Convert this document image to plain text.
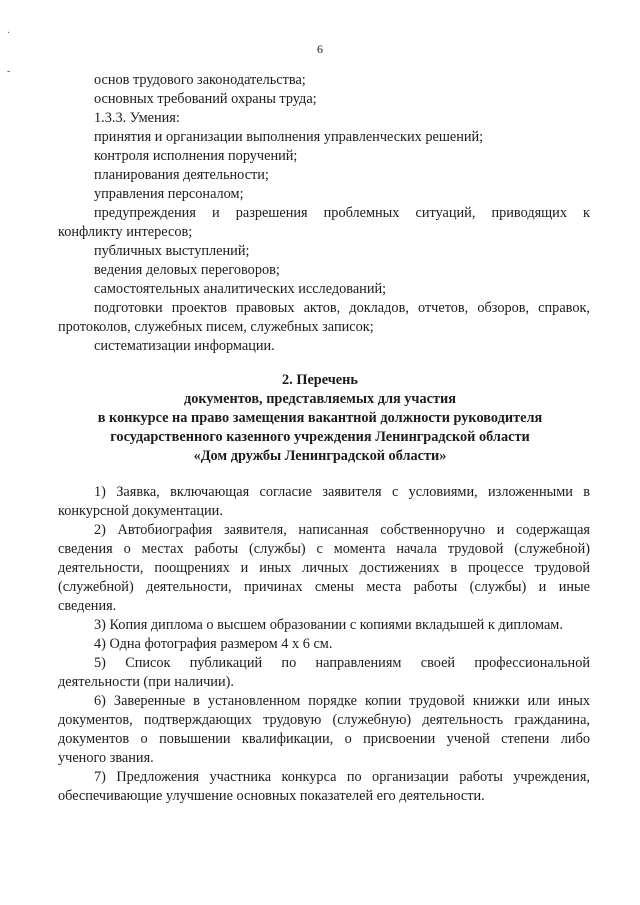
6
·
-
основ трудового законодательства;
основных требований охраны труда;
1.3.3. Умения:
принятия и организации выполнения управленческих решений;
контроля исполнения поручений;
планирования деятельности;
управления персоналом;
предупреждения и разрешения проблемных ситуаций, приводящих к
конфликту интересов;
публичных выступлений;
ведения деловых переговоров;
самостоятельных аналитических исследований;
подготовки проектов правовых актов, докладов, отчетов, обзоров, справок,
протоколов, служебных писем, служебных записок;
систематизации информации.
2. Перечень
документов, представляемых для участия
в конкурсе на право замещения вакантной должности руководителя
государственного казенного учреждения Ленинградской области
«Дом дружбы Ленинградской области»
1) Заявка, включающая согласие заявителя с условиями, изложенными в
конкурсной документации.
2) Автобиография заявителя, написанная собственноручно и содержащая
сведения о местах работы (службы) с момента начала трудовой (служебной)
деятельности, поощрениях и иных личных достижениях в процессе трудовой
(служебной) деятельности, причинах смены места работы (службы) и иные
сведения.
3) Копия диплома о высшем образовании с копиями вкладышей к дипломам.
4) Одна фотография размером 4 х 6 см.
5) Список публикаций по направлениям своей профессиональной
деятельности (при наличии).
6) Заверенные в установленном порядке копии трудовой книжки или иных
документов, подтверждающих трудовую (служебную) деятельность гражданина,
документов о повышении квалификации, о присвоении ученой степени либо
ученого звания.
7) Предложения участника конкурса по организации работы учреждения,
обеспечивающие улучшение основных показателей его деятельности.
